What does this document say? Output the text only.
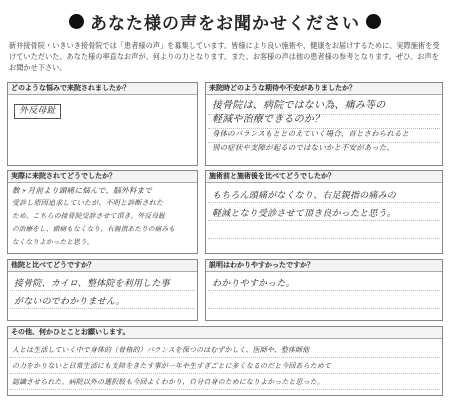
あなた様の声をお聞かせください
新井接骨院・いきいき接骨院では「患者様の声」を募集しています。皆様により良い施術や、健康をお届けするために、実際施術を受けていただいた、あなた様の率直なお声が、何よりの力となります。また、お客様の声は他の患者様の参考となります。ぜひ、お声をお聞かせ下さい。
どのような悩みで来院されましたか？
外反母趾
来院時どのような期待や不安がありましたか？
接骨院は、病院ではない為、痛み等の
軽減や治療できるのか？
身体のバランスもととのえていく場合、首とさわられると
別の症状や支障が起るのではないかと不安があった。
実際に来院されてどうでしたか？
数ヶ月前より頭痛に悩んで、脳外科まで
受診し原因追求していたが、不明と診断された
ため、こちらの接骨院受診させて頂き、外反母趾
の治療をし、頭痛もなくなり、右親指あたりの痛みも
なくなりよかったと思う。
施術前と施術後を比べてどうでしたか？
もちろん頭痛がなくなり、右足親指の痛みの
軽減となり受診させて頂き良かったと思う。
他院と比べてどうですか？
接骨院、カイロ、整体院を利用した事
がないのでわかりません。
説明はわかりやすかったですか？
わかりやすかった。
その他、何かひとことお願いします。
人とは生活していく中で身体的（骨格的）バランスを保つのはむずかしく、医師や、整体師他
の力をかりないと日常生活にも支障をきたす事が一年や生すぎごとに多くなるのだと今回あらためて
認識させられた。病院以外の選択肢も今回よくわかり、自分自身のためになりよかったと思った。
